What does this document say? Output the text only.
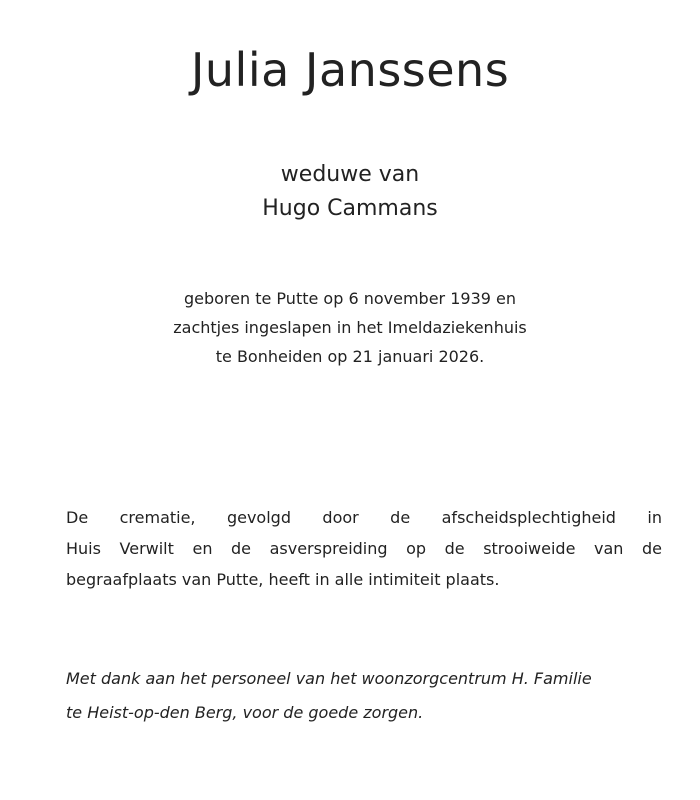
Julia Janssens
weduwe van
Hugo Cammans
geboren te Putte op 6 november 1939 en
zachtjes ingeslapen in het Imeldaziekenhuis
te Bonheiden op 21 januari 2026.
De crematie, gevolgd door de afscheidsplechtigheid in
Huis Verwilt en de asverspreiding op de strooiweide van de
begraafplaats van Putte, heeft in alle intimiteit plaats.
Met dank aan het personeel van het woonzorgcentrum H. Familie
te Heist-op-den Berg, voor de goede zorgen.
